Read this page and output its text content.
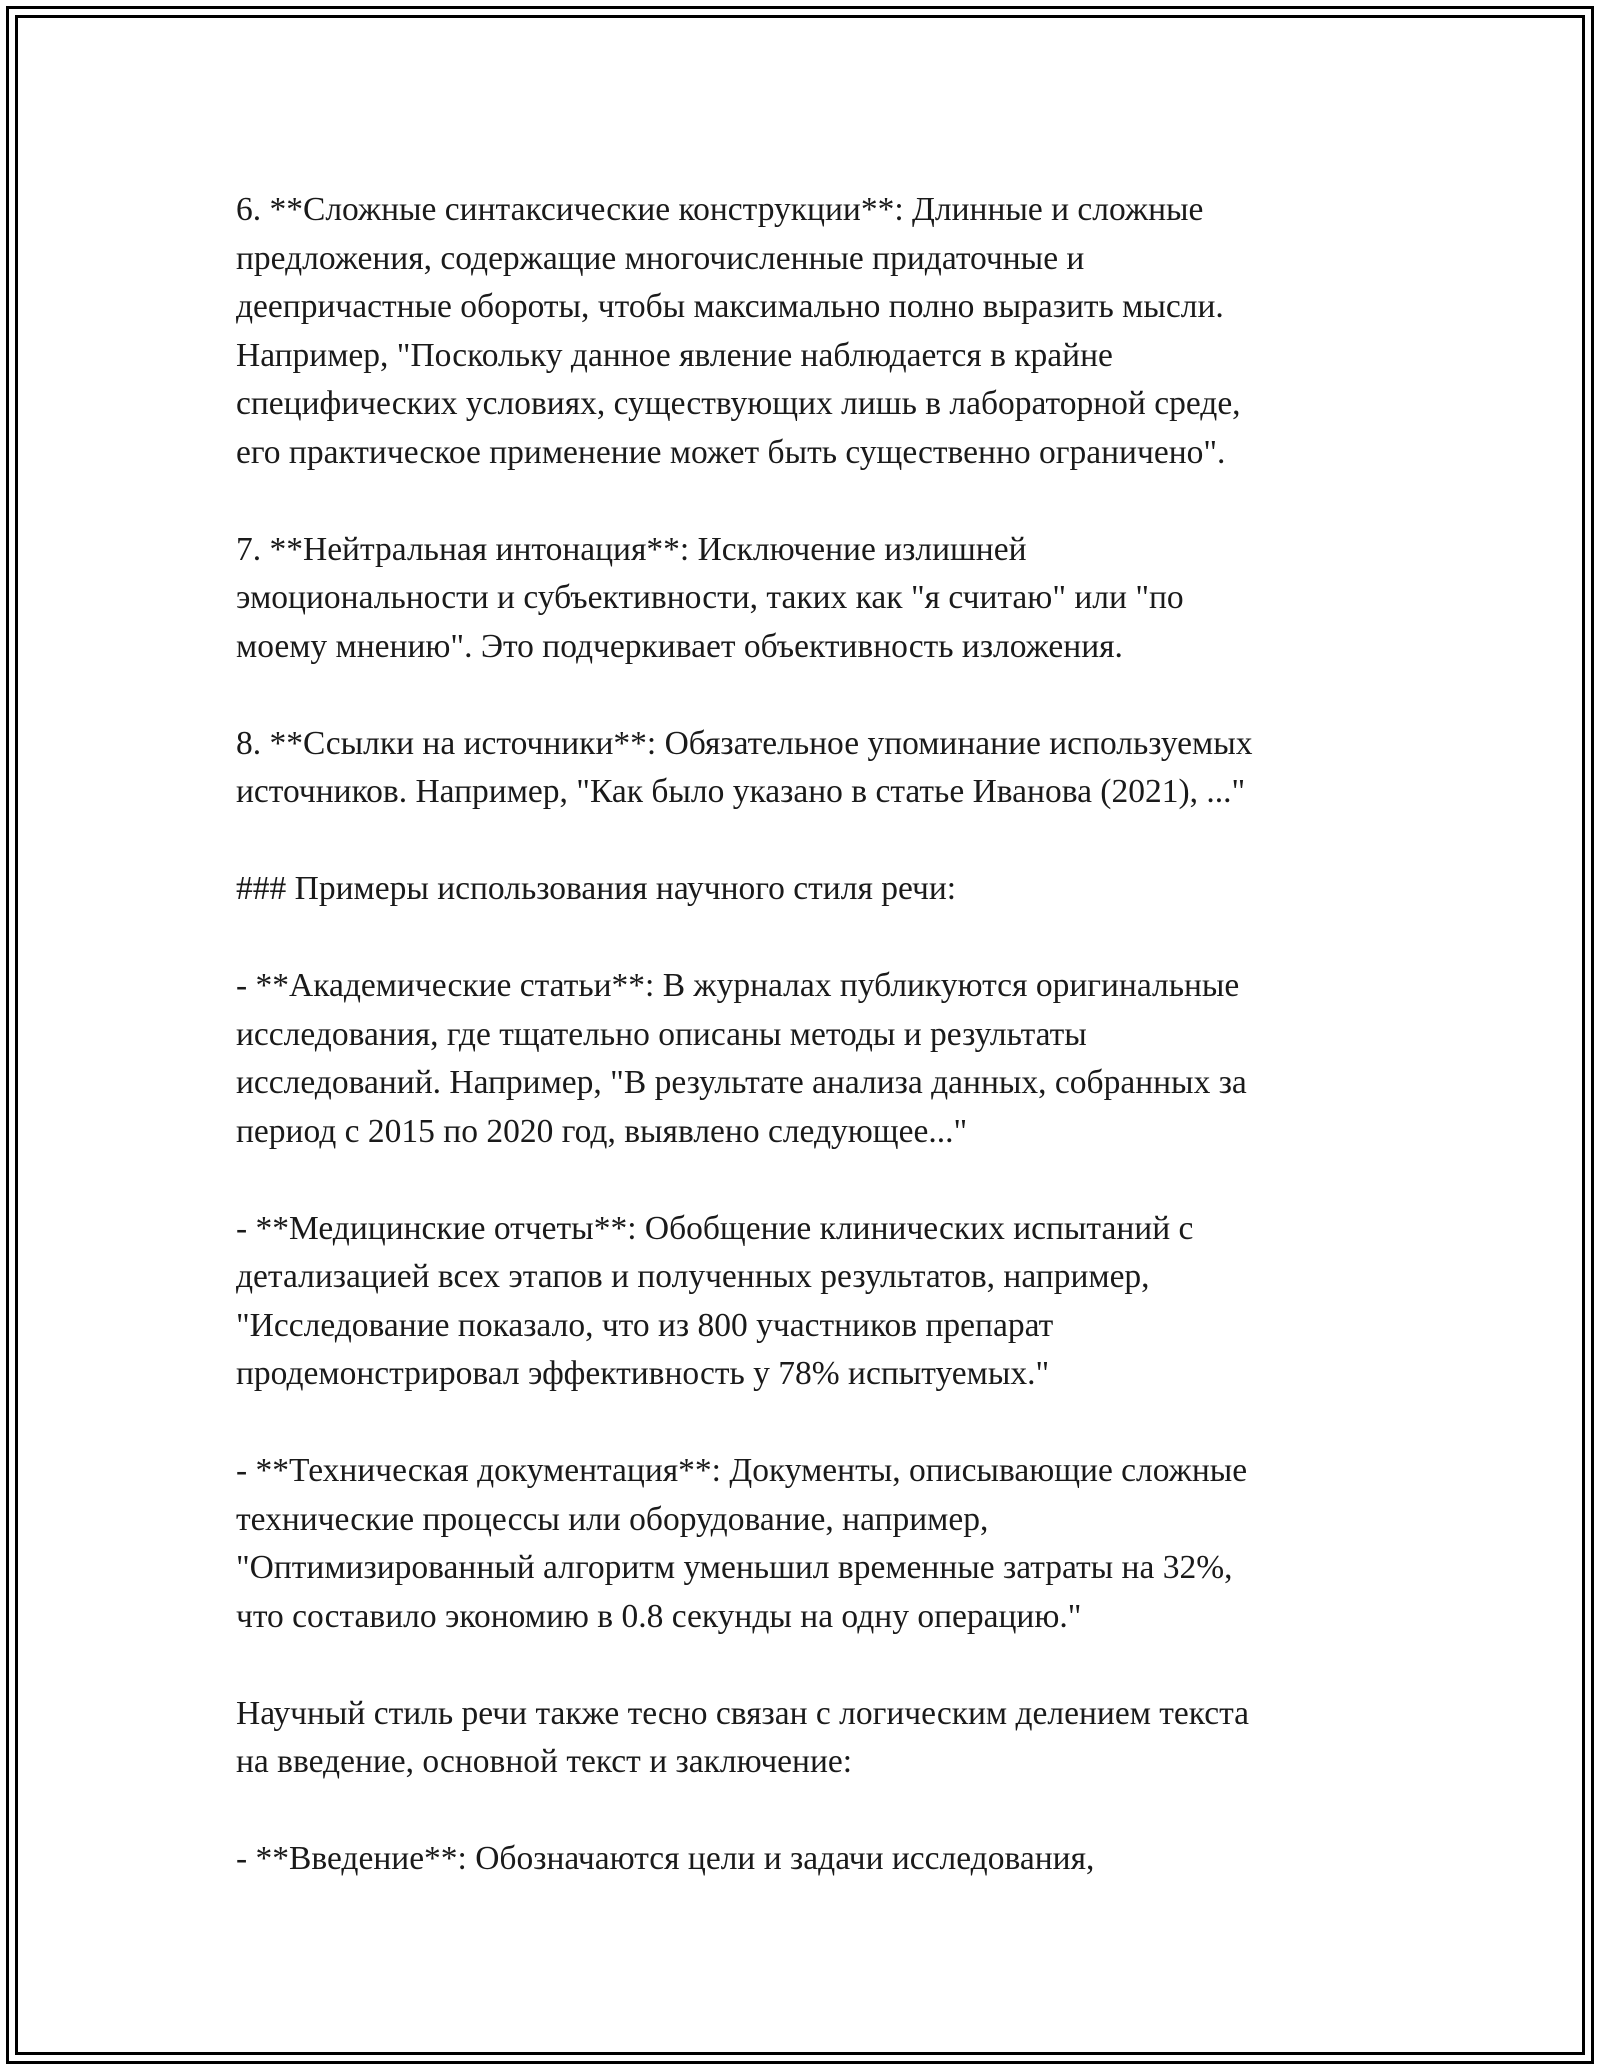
6. **Сложные синтаксические конструкции**: Длинные и сложные
предложения, содержащие многочисленные придаточные и
деепричастные обороты, чтобы максимально полно выразить мысли.
Например, "Поскольку данное явление наблюдается в крайне
специфических условиях, существующих лишь в лабораторной среде,
его практическое применение может быть существенно ограничено".

7. **Нейтральная интонация**: Исключение излишней
эмоциональности и субъективности, таких как "я считаю" или "по
моему мнению". Это подчеркивает объективность изложения.

8. **Ссылки на источники**: Обязательное упоминание используемых
источников. Например, "Как было указано в статье Иванова (2021), ..."

### Примеры использования научного стиля речи:

- **Академические статьи**: В журналах публикуются оригинальные
исследования, где тщательно описаны методы и результаты
исследований. Например, "В результате анализа данных, собранных за
период с 2015 по 2020 год, выявлено следующее..."

- **Медицинские отчеты**: Обобщение клинических испытаний с
детализацией всех этапов и полученных результатов, например,
"Исследование показало, что из 800 участников препарат
продемонстрировал эффективность у 78% испытуемых."

- **Техническая документация**: Документы, описывающие сложные
технические процессы или оборудование, например,
"Оптимизированный алгоритм уменьшил временные затраты на 32%,
что составило экономию в 0.8 секунды на одну операцию."

Научный стиль речи также тесно связан с логическим делением текста
на введение, основной текст и заключение:

- **Введение**: Обозначаются цели и задачи исследования,
